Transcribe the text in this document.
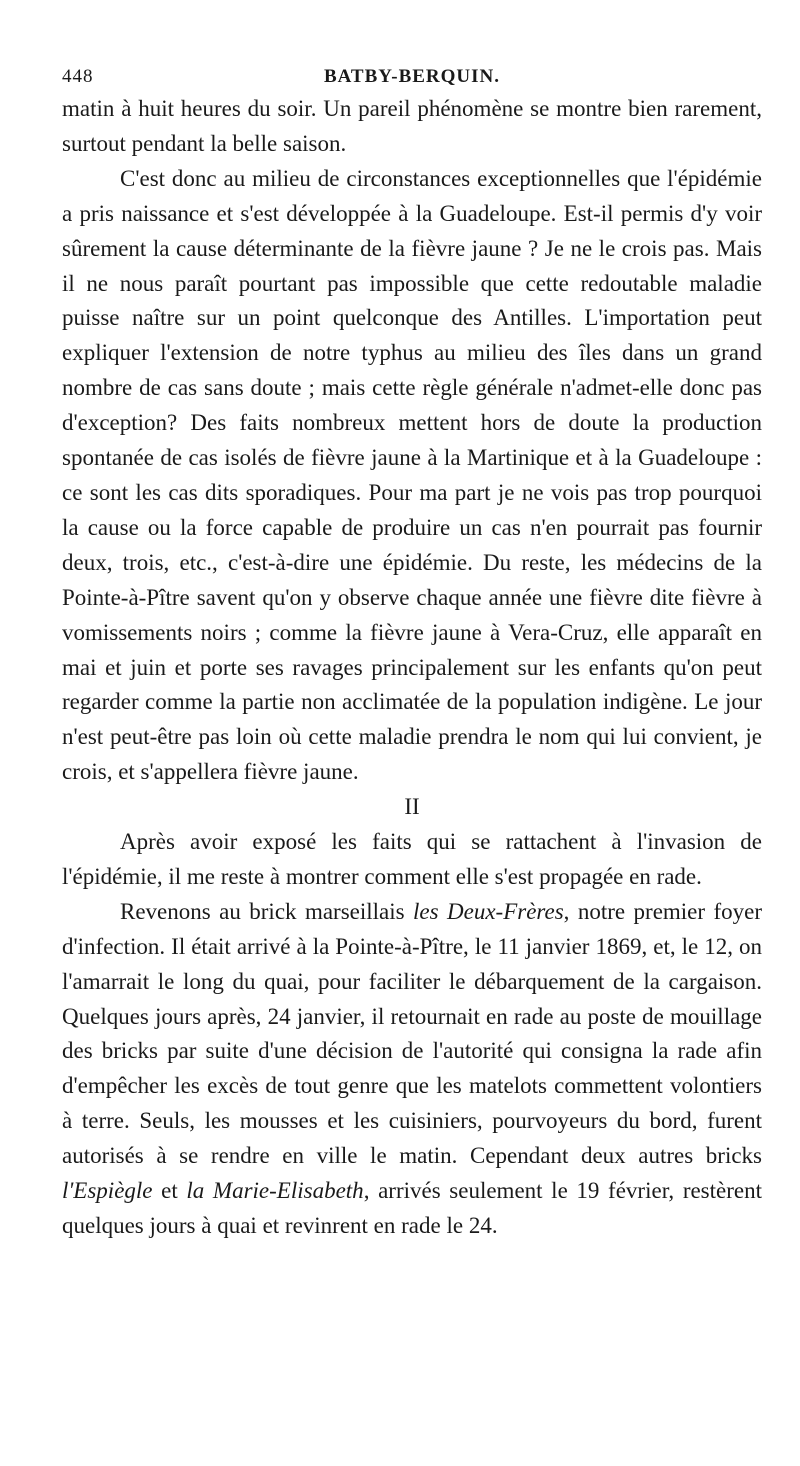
448	BATBY-BERQUIN.

matin à huit heures du soir. Un pareil phénomène se montre bien rarement, surtout pendant la belle saison.

C'est donc au milieu de circonstances exceptionnelles que l'épidémie a pris naissance et s'est développée à la Guadeloupe. Est-il permis d'y voir sûrement la cause déterminante de la fièvre jaune ? Je ne le crois pas. Mais il ne nous paraît pourtant pas impossible que cette redoutable maladie puisse naître sur un point quelconque des Antilles. L'importation peut expliquer l'extension de notre typhus au milieu des îles dans un grand nombre de cas sans doute ; mais cette règle générale n'admet-elle donc pas d'exception? Des faits nombreux mettent hors de doute la production spontanée de cas isolés de fièvre jaune à la Martinique et à la Guadeloupe : ce sont les cas dits sporadiques. Pour ma part je ne vois pas trop pourquoi la cause ou la force capable de produire un cas n'en pourrait pas fournir deux, trois, etc., c'est-à-dire une épidémie. Du reste, les médecins de la Pointe-à-Pître savent qu'on y observe chaque année une fièvre dite fièvre à vomissements noirs ; comme la fièvre jaune à Vera-Cruz, elle apparaît en mai et juin et porte ses ravages principalement sur les enfants qu'on peut regarder comme la partie non acclimatée de la population indigène. Le jour n'est peut-être pas loin où cette maladie prendra le nom qui lui convient, je crois, et s'appellera fièvre jaune.

II

Après avoir exposé les faits qui se rattachent à l'invasion de l'épidémie, il me reste à montrer comment elle s'est propagée en rade.

Revenons au brick marseillais les Deux-Frères, notre premier foyer d'infection. Il était arrivé à la Pointe-à-Pître, le 11 janvier 1869, et, le 12, on l'amarrait le long du quai, pour faciliter le débarquement de la cargaison. Quelques jours après, 24 janvier, il retournait en rade au poste de mouillage des bricks par suite d'une décision de l'autorité qui consigna la rade afin d'empêcher les excès de tout genre que les matelots commettent volontiers à terre. Seuls, les mousses et les cuisiniers, pourvoyeurs du bord, furent autorisés à se rendre en ville le matin. Cependant deux autres bricks l'Espiègle et la Marie-Elisabeth, arrivés seulement le 19 février, restèrent quelques jours à quai et revinrent en rade le 24.
